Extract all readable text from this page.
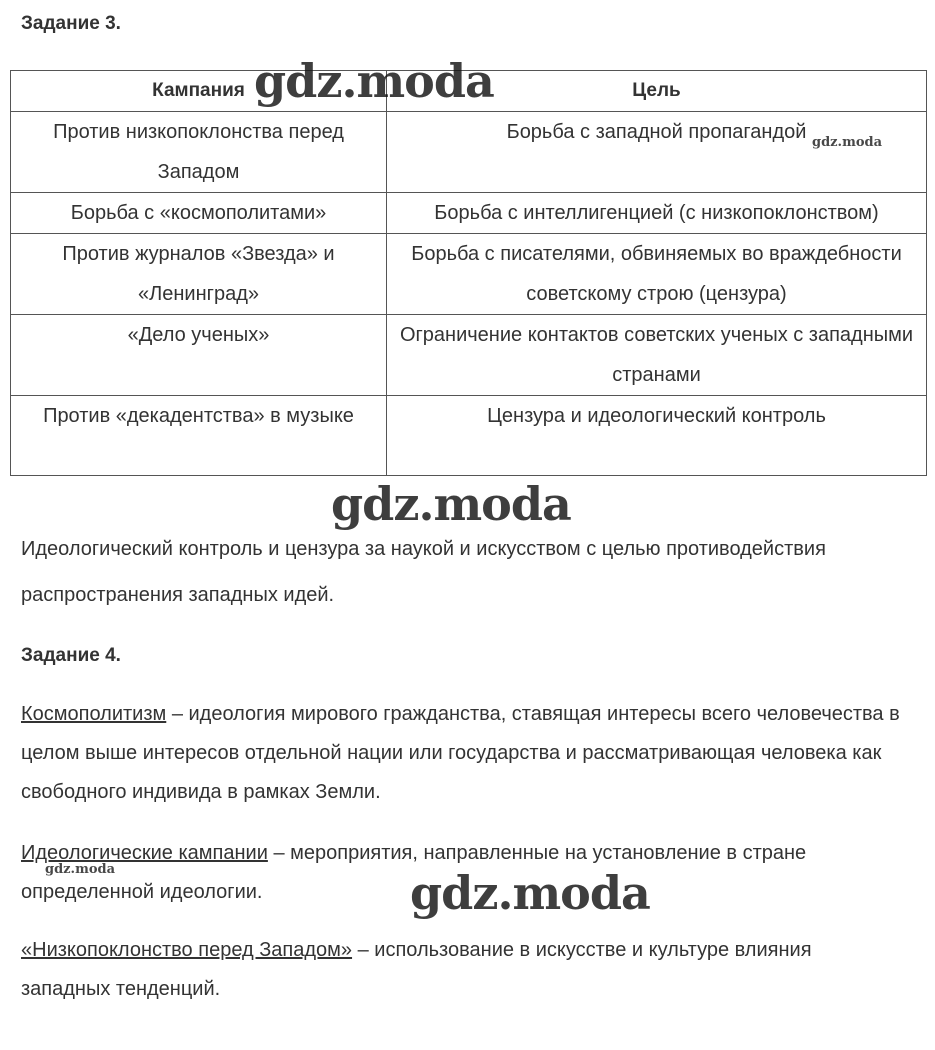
Задание 3.
Кампания	Цель
Против низкопоклонства перед Западом	Борьба с западной пропагандой
Борьба с «космополитами»	Борьба с интеллигенцией (с низкопоклонством)
Против журналов «Звезда» и «Ленинград»	Борьба с писателями, обвиняемых во враждебности советскому строю (цензура)
«Дело ученых»	Ограничение контактов советских ученых с западными странами
Против «декадентства» в музыке	Цензура и идеологический контроль

Идеологический контроль и цензура за наукой и искусством с целью противодействия распространения западных идей.

Задание 4.

Космополитизм – идеология мирового гражданства, ставящая интересы всего человечества в целом выше интересов отдельной нации или государства и рассматривающая человека как свободного индивида в рамках Земли.

Идеологические кампании – мероприятия, направленные на установление в стране определенной идеологии.

«Низкопоклонство перед Западом» – использование в искусстве и культуре влияния западных тенденций.

gdz.moda
gdz.moda
gdz.moda
gdz.moda
gdz.moda
